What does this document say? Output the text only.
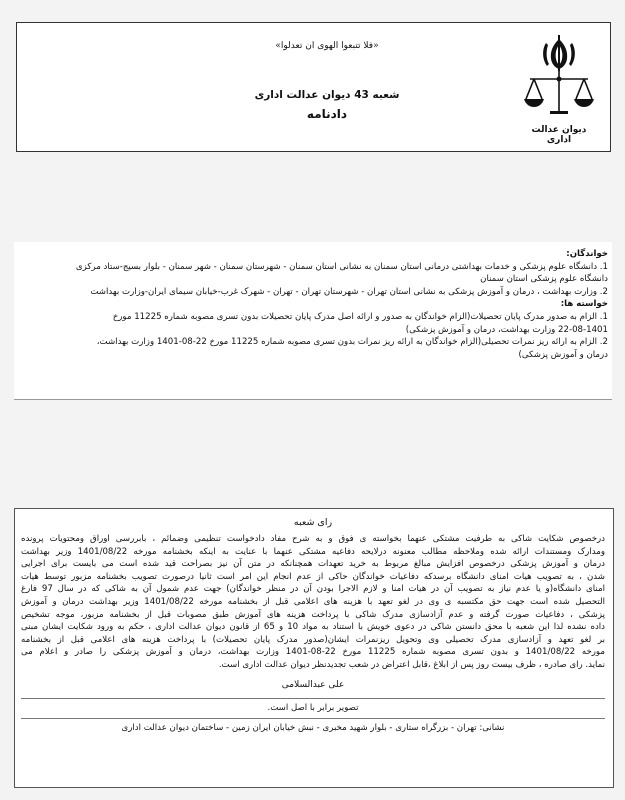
«فلا تتبعوا الهوی ان تعدلوا»
شعبه 43 دیوان عدالت اداری
دادنامه
دیوان عدالت اداری
خواندگان:
1. دانشگاه علوم پزشکی و خدمات بهداشتی درمانی استان سمنان به نشانی استان سمنان - شهرستان سمنان - شهر سمنان - بلوار بسیج-ستاد مرکزی
دانشگاه علوم پزشکی استان سمنان
2. وزارت بهداشت ، درمان و آموزش پزشکی به نشانی استان تهران - شهرستان تهران - تهران - شهرک غرب-خیابان سیمای ایران-وزارت بهداشت
خواسته ها:
1. الزام به صدور مدرک پایان تحصیلات(الزام خواندگان به صدور و ارائه اصل مدرک پایان تحصیلات بدون تسری مصوبه شماره 11225 مورخ
22-08-1401 وزارت بهداشت، درمان و آموزش پزشکی)
2. الزام به ارائه ریز نمرات تحصیلی(الزام خواندگان به ارائه ریز نمرات بدون تسری مصوبه شماره 11225 مورخ 22-08-1401 وزارت بهداشت،
درمان و آموزش پزشکی)
رای شعبه
درخصوص شکایت شاکی به طرفیت مشتکی عنهما بخواسته ی فوق و به شرح مفاد دادخواست تنظیمی وضمائم ، بابررسی اوراق ومحتویات پرونده
ومدارک ومستندات ارائه شده وملاحظه مطالب معنونه درلایحه دفاعیه مشتکی عنهما با عنایت به اینکه بخشنامه مورخه 1401/08/22 وزیر بهداشت
درمان و آموزش پزشکی درخصوص افزایش مبالغ مربوط به خرید تعهدات همچنانکه در متن آن نیز بصراحت قید شده است می بایست برای اجرایی
شدن ، به تصویب هیات امنای دانشگاه برسدکه دفاعیات خواندگان حاکی از عدم انجام این امر است ثانیا درصورت تصویب بخشنامه مزبور توسط هیات
امنای دانشگاه(و یا عدم نیاز به تصویب آن در هیات امنا و لازم الاجرا بودن آن در منظر خواندگان) جهت عدم شمول آن به شاکی که در سال 97 فارغ
التحصیل شده است جهت حق مکتسبه ی وی در لغو تعهد با هزینه های اعلامی قبل از بخشنامه مورخه 1401/08/22 وزیر بهداشت درمان و آموزش
پزشکی ، دفاعیات صورت گرفته و عدم آزادسازی مدرک شاکی با پرداخت هزینه های آموزش طبق مصوبات قبل از بخشنامه مزبور، موجه تشخیص
داده نشده لذا این شعبه با محق دانستن شاکی در دعوی خویش با استناد به مواد 10 و 65 از قانون دیوان عدالت اداری ، حکم به ورود شکایت ایشان مبنی
بر لغو تعهد و آزادسازی مدرک تحصیلی وی وتحویل ریزنمرات ایشان(صدور مدرک پایان تحصیلات) با پرداخت هزینه های اعلامی قبل از بخشنامه
مورخه 1401/08/22 و بدون تسری مصوبه شماره 11225 مورخ 22-08-1401 وزارت بهداشت، درمان و آموزش پزشکی را صادر و اعلام می
نماید. رای صادره ، ظرف بیست روز پس از ابلاغ ،قابل اعتراض در شعب تجدیدنظر دیوان عدالت اداری است.
علی عبدالسلامی
تصویر برابر با اصل است.
نشانی: تهران - بزرگراه ستاری - بلوار شهید مخبری - نبش خیابان ایران زمین - ساختمان دیوان عدالت اداری
